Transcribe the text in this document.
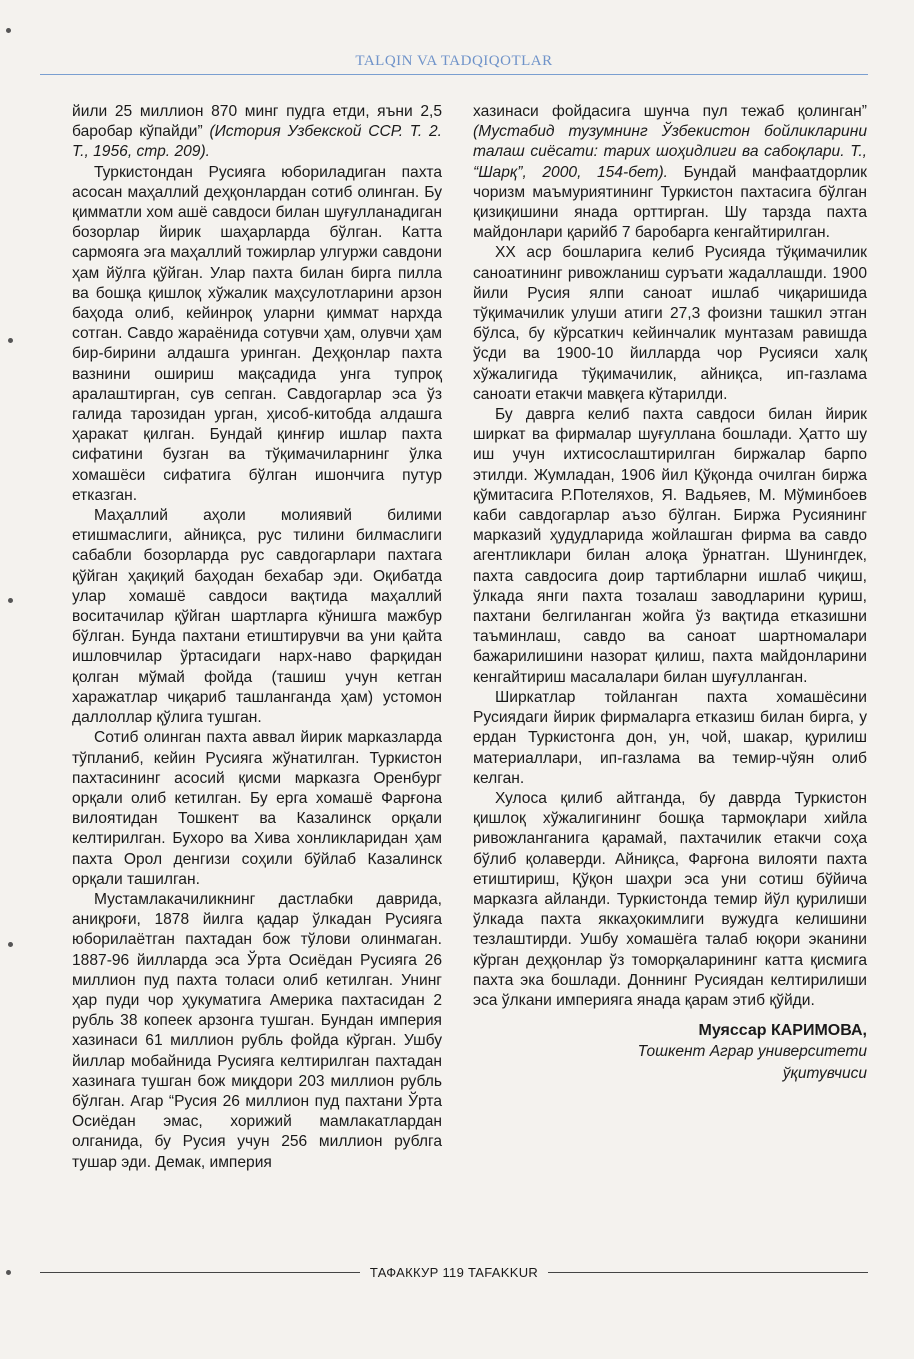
TALQIN VA TADQIQOTLAR

йили 25 миллион 870 минг пудга етди, яъни 2,5 баробар кўпайди” (История Узбекской ССР. Т. 2. Т., 1956, стр. 209).

Туркистондан Русияга юбориладиган пахта асосан маҳаллий деҳқонлардан сотиб олинган. Бу қимматли хом ашё савдоси билан шуғулланадиган бозорлар йирик шаҳарларда бўлган. Катта сармояга эга маҳаллий тожирлар улгуржи савдони ҳам йўлга қўйган. Улар пахта билан бирга пилла ва бошқа қишлоқ хўжалик маҳсулотларини арзон баҳода олиб, кейинроқ уларни қиммат нархда сотган. Савдо жараёнида сотувчи ҳам, олувчи ҳам бир-бирини алдашга уринган. Деҳқонлар пахта вазнини ошириш мақсадида унга тупроқ аралаштирган, сув сепган. Савдогарлар эса ўз галида тарозидан урган, ҳисоб-китобда алдашга ҳаракат қилган. Бундай қинғир ишлар пахта сифатини бузган ва тўқимачиларнинг ўлка хомашёси сифатига бўлган ишончига путур етказган.

Маҳаллий аҳоли молиявий билими етишмаслиги, айниқса, рус тилини билмаслиги сабабли бозорларда рус савдогарлари пахтага қўйган ҳақиқий баҳодан бехабар эди. Оқибатда улар хомашё савдоси вақтида маҳаллий воситачилар қўйган шартларга кўнишга мажбур бўлган. Бунда пахтани етиштирувчи ва уни қайта ишловчилар ўртасидаги нарх-наво фарқидан қолган мўмай фойда (ташиш учун кетган харажатлар чиқариб ташланганда ҳам) устомон даллоллар қўлига тушган.

Сотиб олинган пахта аввал йирик марказларда тўпланиб, кейин Русияга жўнатилган. Туркистон пахтасининг асосий қисми марказга Оренбург орқали олиб кетилган. Бу ерга хомашё Фарғона вилоятидан Тошкент ва Казалинск орқали келтирилган. Бухоро ва Хива хонликларидан ҳам пахта Орол денгизи соҳили бўйлаб Казалинск орқали ташилган.

Мустамлакачиликнинг дастлабки даврида, аниқроғи, 1878 йилга қадар ўлкадан Русияга юборилаётган пахтадан бож тўлови олинмаган. 1887-96 йилларда эса Ўрта Осиёдан Русияга 26 миллион пуд пахта толаси олиб кетилган. Унинг ҳар пуди чор ҳукуматига Америка пахтасидан 2 рубль 38 копеек арзонга тушган. Бундан империя хазинаси 61 миллион рубль фойда кўрган. Ушбу йиллар мобайнида Русияга келтирилган пахтадан хазинага тушган бож миқдори 203 миллион рубль бўлган. Агар “Русия 26 миллион пуд пахтани Ўрта Осиёдан эмас, хорижий мамлакатлардан олганида, бу Русия учун 256 миллион рублга тушар эди. Демак, империя

хазинаси фойдасига шунча пул тежаб қолинган” (Мустабид тузумнинг Ўзбекистон бойликларини талаш сиёсати: тарих шоҳидлиги ва сабоқлари. Т., “Шарқ”, 2000, 154-бет). Бундай манфаатдорлик чоризм маъмуриятининг Туркистон пахтасига бўлган қизиқишини янада орттирган. Шу тарзда пахта майдонлари қарийб 7 баробарга кенгайтирилган.

XX аср бошларига келиб Русияда тўқимачилик саноатининг ривожланиш суръати жадаллашди. 1900 йили Русия ялпи саноат ишлаб чиқаришида тўқимачилик улуши атиги 27,3 фоизни ташкил этган бўлса, бу кўрсаткич кейинчалик мунтазам равишда ўсди ва 1900-10 йилларда чор Русияси халқ хўжалигида тўқимачилик, айниқса, ип-газлама саноати етакчи мавқега кўтарилди.

Бу даврга келиб пахта савдоси билан йирик ширкат ва фирмалар шуғуллана бошлади. Ҳатто шу иш учун ихтисослаштирилган биржалар барпо этилди. Жумладан, 1906 йил Қўқонда очилган биржа қўмитасига Р.Потеляхов, Я. Вадьяев, М. Мўминбоев каби савдогарлар аъзо бўлган. Биржа Русиянинг марказий ҳудудларида жойлашган фирма ва савдо агентликлари билан алоқа ўрнатган. Шунингдек, пахта савдосига доир тартибларни ишлаб чиқиш, ўлкада янги пахта тозалаш заводларини қуриш, пахтани белгиланган жойга ўз вақтида етказишни таъминлаш, савдо ва саноат шартномалари бажарилишини назорат қилиш, пахта майдонларини кенгайтириш масалалари билан шуғулланган.

Ширкатлар тойланган пахта хомашёсини Русиядаги йирик фирмаларга етказиш билан бирга, у ердан Туркистонга дон, ун, чой, шакар, қурилиш материаллари, ип-газлама ва темир-чўян олиб келган.

Хулоса қилиб айтганда, бу даврда Туркистон қишлоқ хўжалигининг бошқа тармоқлари хийла ривожланганига қарамай, пахтачилик етакчи соҳа бўлиб қолаверди. Айниқса, Фарғона вилояти пахта етиштириш, Қўқон шаҳри эса уни сотиш бўйича марказга айланди. Туркистонда темир йўл қурилиши ўлкада пахта яккаҳокимлиги вужудга келишини тезлаштирди. Ушбу хомашёга талаб юқори эканини кўрган деҳқонлар ўз томорқаларининг катта қисмига пахта эка бошлади. Доннинг Русиядан келтирилиши эса ўлкани империяга янада қарам этиб қўйди.

Муяссар КАРИМОВА,
Тошкент Аграр университети
ўқитувчиси
ТАФАККУР 119 TAFAKKUR
